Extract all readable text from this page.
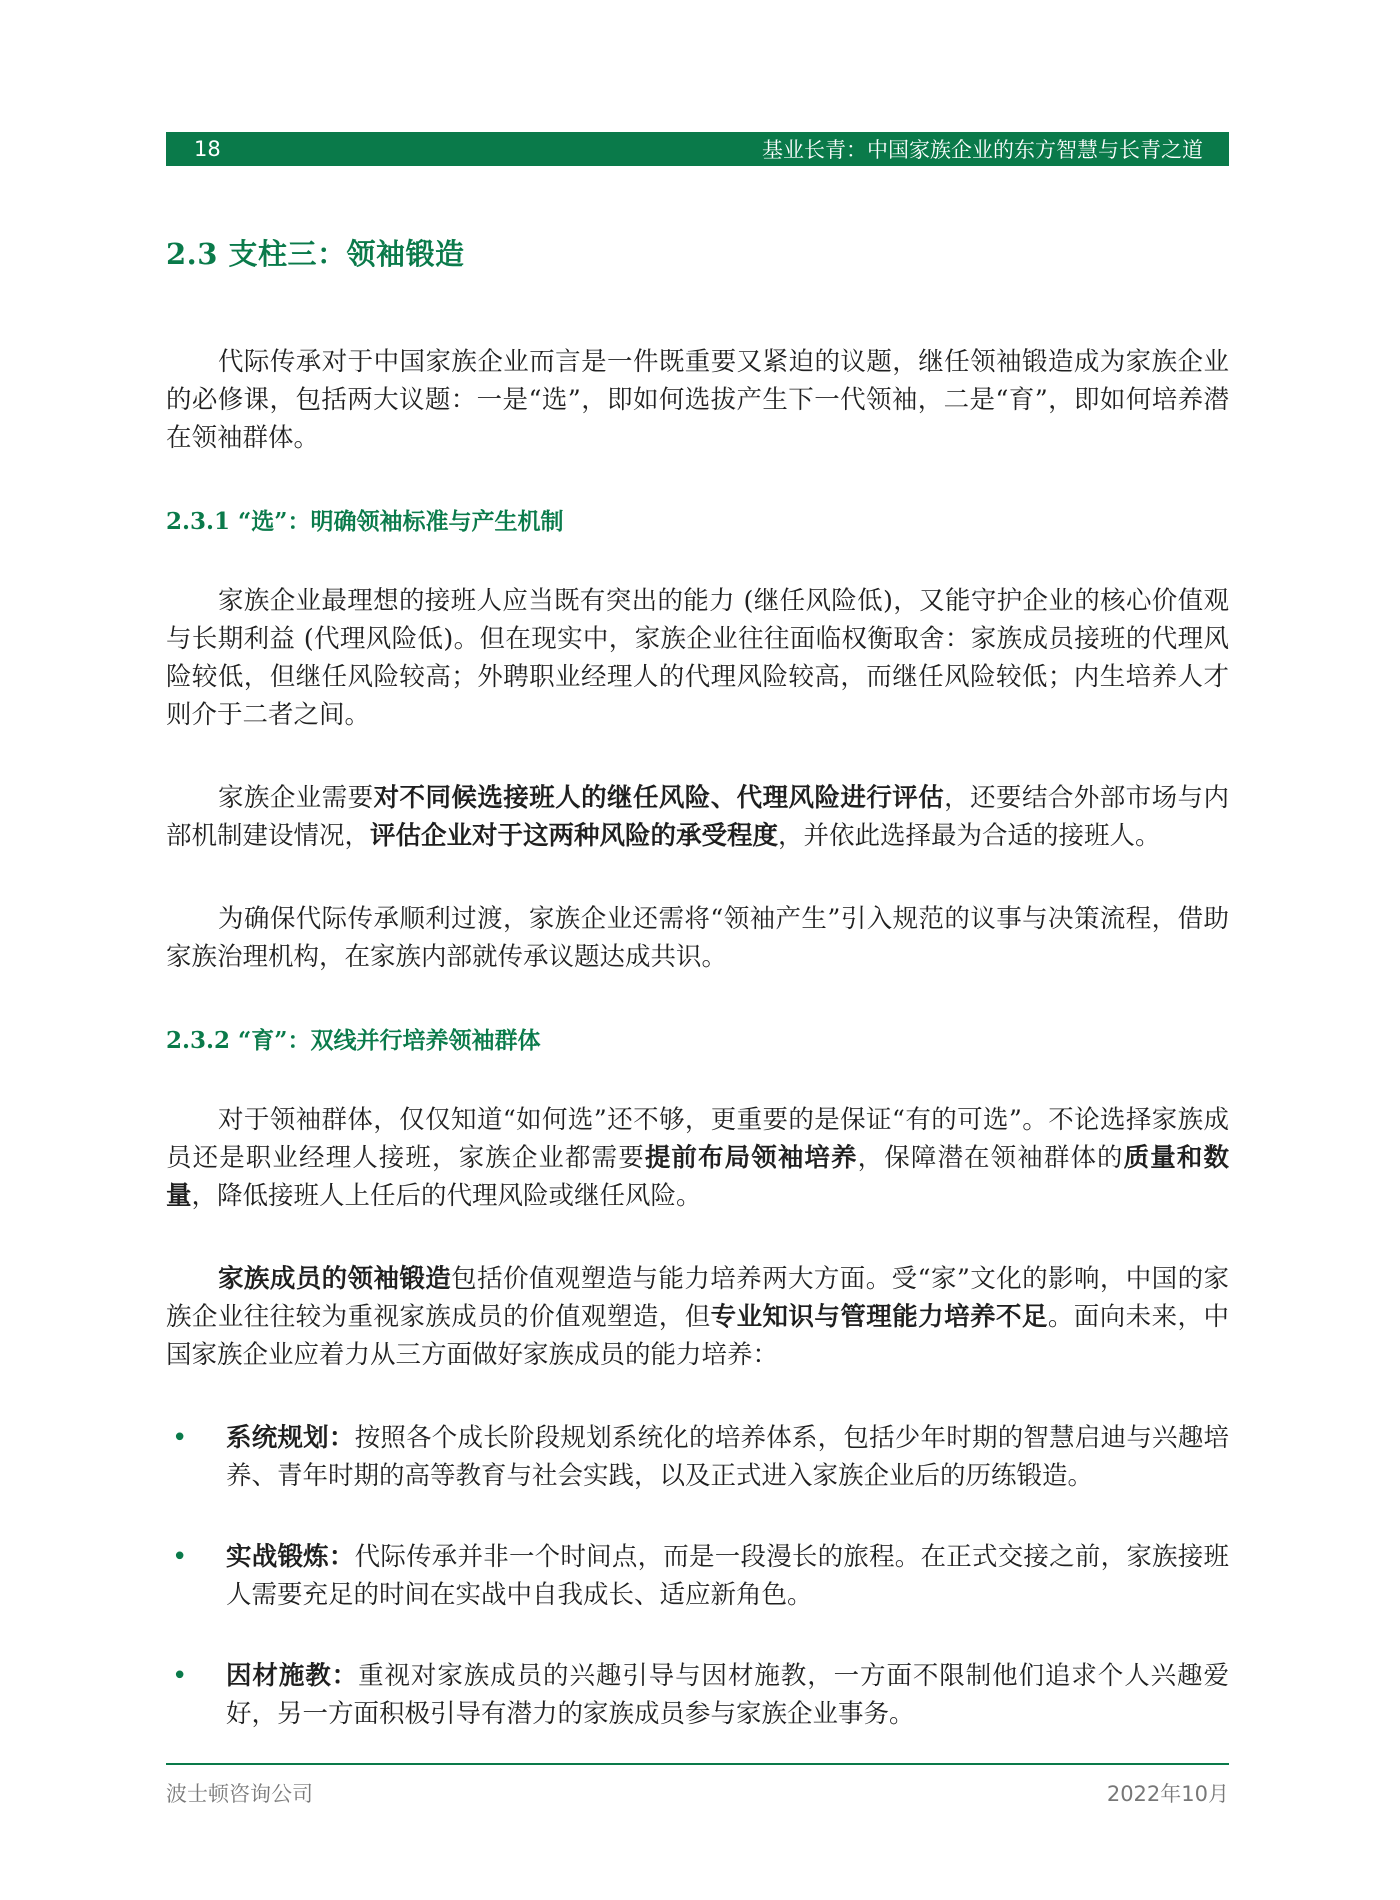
18	基业长青：中国家族企业的东方智慧与长青之道
2.3 支柱三：领袖锻造

代际传承对于中国家族企业而言是一件既重要又紧迫的议题，继任领袖锻造成为家族企业的必修课，包括两大议题：一是“选”，即如何选拔产生下一代领袖，二是“育”，即如何培养潜在领袖群体。

2.3.1 “选”：明确领袖标准与产生机制

家族企业最理想的接班人应当既有突出的能力 (继任风险低)，又能守护企业的核心价值观与长期利益 (代理风险低)。但在现实中，家族企业往往面临权衡取舍：家族成员接班的代理风险较低，但继任风险较高；外聘职业经理人的代理风险较高，而继任风险较低；内生培养人才则介于二者之间。

家族企业需要对不同候选接班人的继任风险、代理风险进行评估，还要结合外部市场与内部机制建设情况，评估企业对于这两种风险的承受程度，并依此选择最为合适的接班人。

为确保代际传承顺利过渡，家族企业还需将“领袖产生”引入规范的议事与决策流程，借助家族治理机构，在家族内部就传承议题达成共识。

2.3.2 “育”：双线并行培养领袖群体

对于领袖群体，仅仅知道“如何选”还不够，更重要的是保证“有的可选”。不论选择家族成员还是职业经理人接班，家族企业都需要提前布局领袖培养，保障潜在领袖群体的质量和数量，降低接班人上任后的代理风险或继任风险。

家族成员的领袖锻造包括价值观塑造与能力培养两大方面。受“家”文化的影响，中国的家族企业往往较为重视家族成员的价值观塑造，但专业知识与管理能力培养不足。面向未来，中国家族企业应着力从三方面做好家族成员的能力培养：

•	系统规划：按照各个成长阶段规划系统化的培养体系，包括少年时期的智慧启迪与兴趣培养、青年时期的高等教育与社会实践，以及正式进入家族企业后的历练锻造。
•	实战锻炼：代际传承并非一个时间点，而是一段漫长的旅程。在正式交接之前，家族接班人需要充足的时间在实战中自我成长、适应新角色。
•	因材施教：重视对家族成员的兴趣引导与因材施教，一方面不限制他们追求个人兴趣爱好，另一方面积极引导有潜力的家族成员参与家族企业事务。
波士顿咨询公司	2022年10月
